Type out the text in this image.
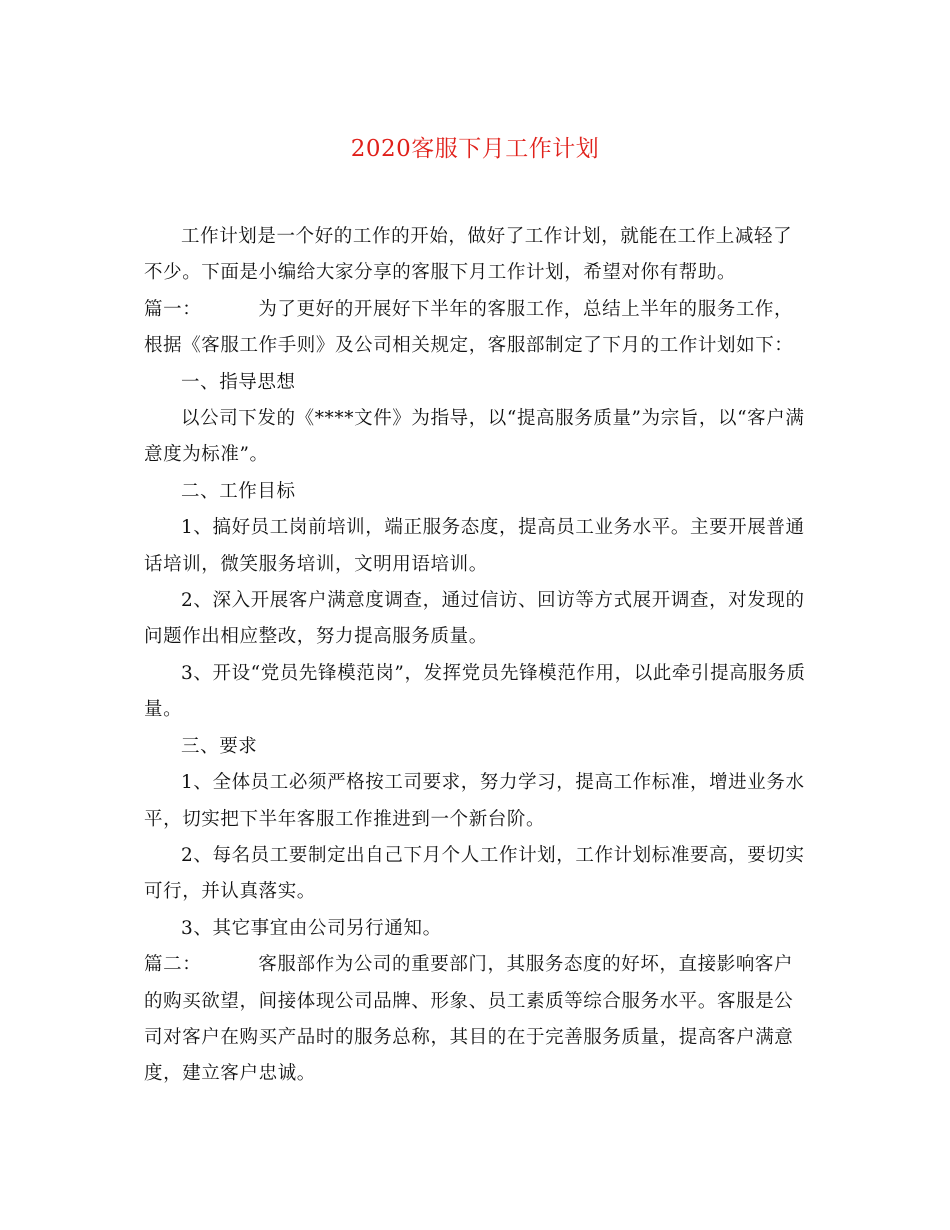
2020客服下月工作计划

工作计划是一个好的工作的开始，做好了工作计划，就能在工作上减轻了不少。下面是小编给大家分享的客服下月工作计划，希望对你有帮助。

篇一：	为了更好的开展好下半年的客服工作，总结上半年的服务工作，根据《客服工作手则》及公司相关规定，客服部制定了下月的工作计划如下：

一、指导思想

以公司下发的《****文件》为指导，以“提高服务质量”为宗旨，以“客户满意度为标准”。

二、工作目标

1、搞好员工岗前培训，端正服务态度，提高员工业务水平。主要开展普通话培训，微笑服务培训，文明用语培训。

2、深入开展客户满意度调查，通过信访、回访等方式展开调查，对发现的问题作出相应整改，努力提高服务质量。

3、开设“党员先锋模范岗”，发挥党员先锋模范作用，以此牵引提高服务质量。

三、要求

1、全体员工必须严格按工司要求，努力学习，提高工作标准，增进业务水平，切实把下半年客服工作推进到一个新台阶。

2、每名员工要制定出自己下月个人工作计划，工作计划标准要高，要切实可行，并认真落实。

3、其它事宜由公司另行通知。

篇二：	客服部作为公司的重要部门，其服务态度的好坏，直接影响客户的购买欲望，间接体现公司品牌、形象、员工素质等综合服务水平。客服是公司对客户在购买产品时的服务总称，其目的在于完善服务质量，提高客户满意度，建立客户忠诚。
